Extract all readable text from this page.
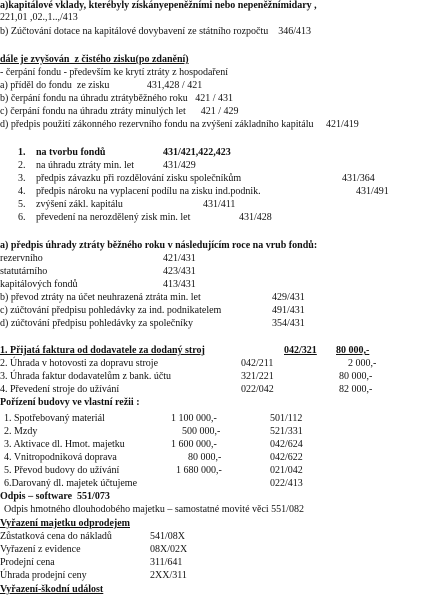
a)kapitálové vklady, kterébyly získányepeněžními nebo nepeněžnímidary ,
221,01 ,02.,1..,/413
b) Zúčtování dotace na kapitálové dovybavení ze státního rozpočtu    346/413
dále je zvyšován  z čistého zisku(po zdanění)
- čerpání fondu - především ke krytí ztráty z hospodaření
a) příděl do fondu  ze zisku               431,428 / 421
b) čerpání fondu na úhradu ztrátyběžného roku   421 / 431
c) čerpání fondu na úhradu ztráty minulých let      421 / 429
d) předpis použití zákonného rezervního fondu na zvýšení základního kapitálu     421/419
1. na tvorbu fondů	431/421,422,423
2. na úhradu ztráty min. let	431/429
3. předpis závazku při rozdělování zisku společníkům	431/364
4. předpis nároku na vyplacení podílu na zisku ind.podnik.	431/491
5. zvýšení zákl. kapitálu	431/411
6. převedení na nerozdělený zisk min. let	431/428
a) předpis úhrady ztráty běžného roku v následujícím roce na vrub fondů:
rezervního	421/431
statutárního	423/431
kapitálových fondů	413/431
b) převod ztráty na účet neuhrazená ztráta min. let	429/431
c) zúčtování předpisu pohledávky za ind. podnikatelem	491/431
d) zúčtování předpisu pohledávky za společníky	354/431
1. Přijatá faktura od dodavatele za dodaný stroj	042/321 80 000,-
2. Úhrada v hotovosti za dopravu stroje	042/211	2 000,-
3. Úhrada faktur dodavatelům z bank. účtu	321/221	80 000,-
4. Převedení stroje do užívání	022/042	82 000,-
Pořízení budovy ve vlastní režii :
1. Spotřebovaný materiál	1 100 000,-	501/112
2. Mzdy	500 000,-	521/331
3. Aktivace dl. Hmot. majetku	1 600 000,-	042/624
4. Vnitropodniková doprava	80 000,-	042/622
5. Převod budovy do užívání	1 680 000,-	021/042
6.Darovaný dl. majetek účtujeme	022/413
Odpis – software  551/073
Odpis hmotného dlouhodobého majetku – samostatné movité věci 551/082
Vyřazení majetku odprodejem
Zůstatková cena do nákladů	541/08X
Vyřazení z evidence	08X/02X
Prodejní cena	311/641
Úhrada prodejní ceny	2XX/311
Vyřazení-škodní událost
